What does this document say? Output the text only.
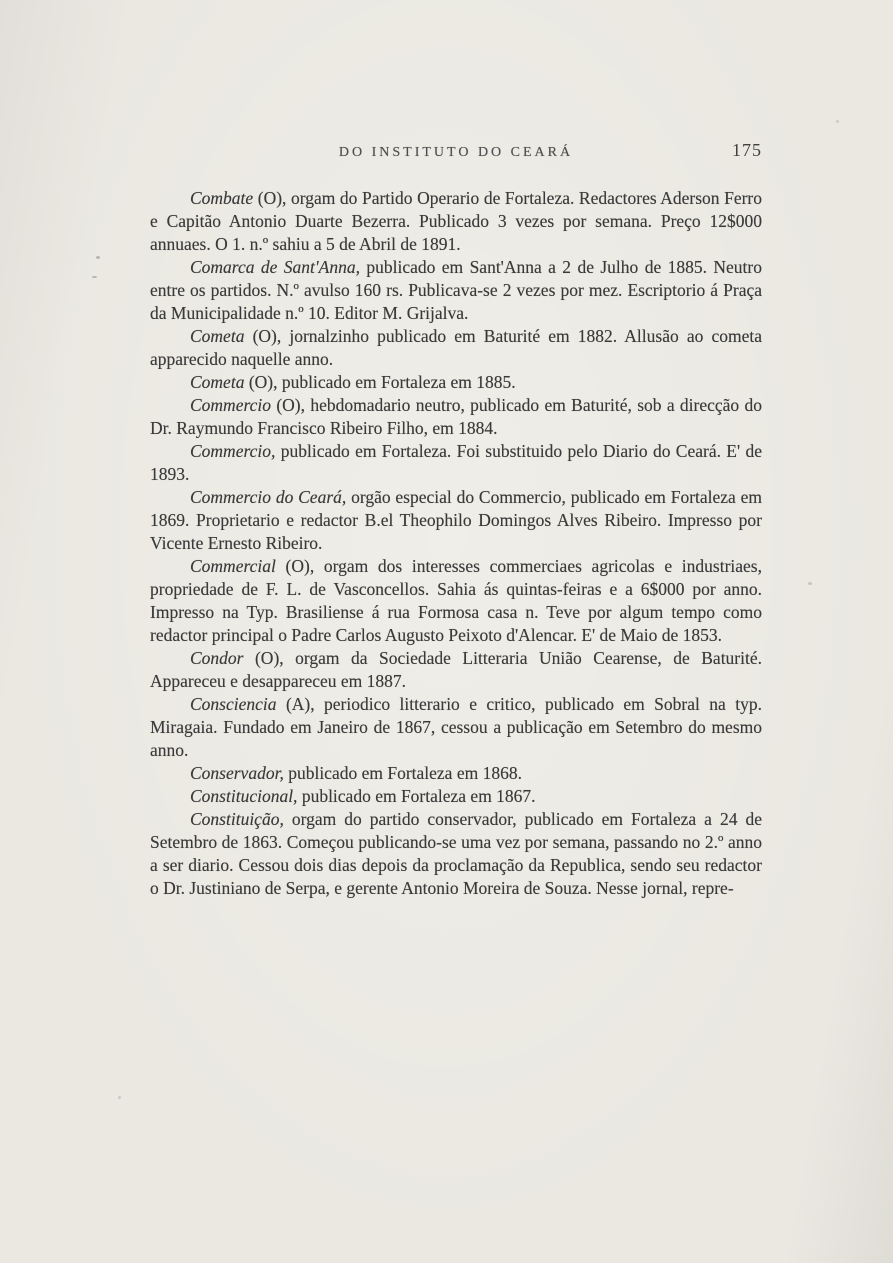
DO INSTITUTO DO CEARÁ	175

Combate (O), orgam do Partido Operario de Fortaleza. Redactores Aderson Ferro e Capitão Antonio Duarte Bezerra. Publicado 3 vezes por semana. Preço 12$000 annuaes. O 1. n.º sahiu a 5 de Abril de 1891.

Comarca de Sant'Anna, publicado em Sant'Anna a 2 de Julho de 1885. Neutro entre os partidos. N.º avulso 160 rs. Publicava-se 2 vezes por mez. Escriptorio á Praça da Municipalidade n.º 10. Editor M. Grijalva.

Cometa (O), jornalzinho publicado em Baturité em 1882. Allusão ao cometa apparecido naquelle anno.

Cometa (O), publicado em Fortaleza em 1885.

Commercio (O), hebdomadario neutro, publicado em Baturité, sob a direcção do Dr. Raymundo Francisco Ribeiro Filho, em 1884.

Commercio, publicado em Fortaleza. Foi substituido pelo Diario do Ceará. E' de 1893.

Commercio do Ceará, orgão especial do Commercio, publicado em Fortaleza em 1869. Proprietario e redactor B.el Theophilo Domingos Alves Ribeiro. Impresso por Vicente Ernesto Ribeiro.

Commercial (O), orgam dos interesses commerciaes agricolas e industriaes, propriedade de F. L. de Vasconcellos. Sahia ás quintas-feiras e a 6$000 por anno. Impresso na Typ. Brasiliense á rua Formosa casa n. Teve por algum tempo como redactor principal o Padre Carlos Augusto Peixoto d'Alencar. E' de Maio de 1853.

Condor (O), orgam da Sociedade Litteraria União Cearense, de Baturité. Appareceu e desappareceu em 1887.

Consciencia (A), periodico litterario e critico, publicado em Sobral na typ. Miragaia. Fundado em Janeiro de 1867, cessou a publicação em Setembro do mesmo anno.

Conservador, publicado em Fortaleza em 1868.

Constitucional, publicado em Fortaleza em 1867.

Constituição, orgam do partido conservador, publicado em Fortaleza a 24 de Setembro de 1863. Começou publicando-se uma vez por semana, passando no 2.º anno a ser diario. Cessou dois dias depois da proclamação da Republica, sendo seu redactor o Dr. Justiniano de Serpa, e gerente Antonio Moreira de Souza. Nesse jornal, repre-
